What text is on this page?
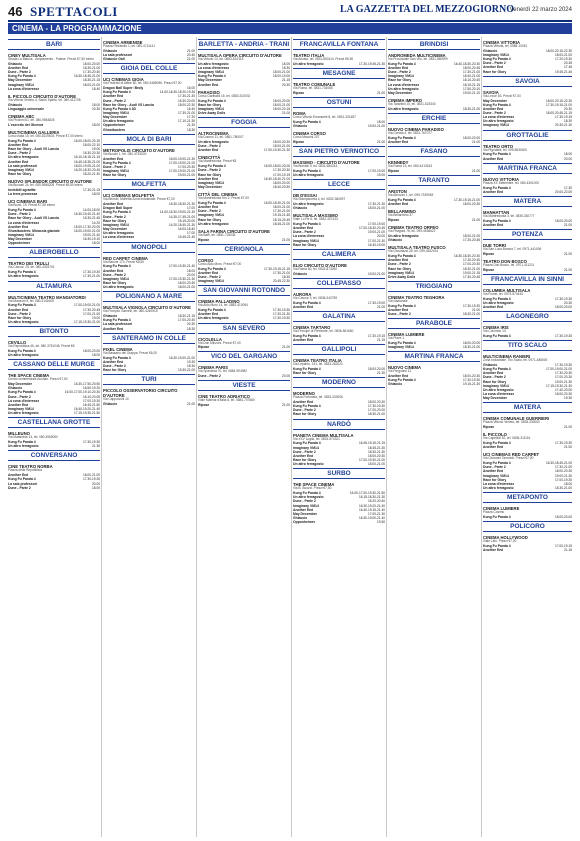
46 SPETTACOLI	LA GAZZETTA DEL MEZZOGIORNO
Venerdì 22 marzo 2024
CINEMA - LA PROGRAMMAZIONE
BARI
CINEY MULTISALA
Strada La Bianca - Ampiamente - Palese. Prezzi €7,50 intero
Ghiaccio	18.00-20.00
Another End	18.30-21.00
Dune - Parte 2	17.30-20.40
Kung Fu Panda 4	16.30-18.45-21.00
May December	18.30-21.15
Imaginary VM14	18.00-21.00
La zona d'interesse	18.40
IL PICCOLO CIRCUITO D'AUTORE
Via Vittorio Veneto 4, Santo Spirito. tel. 080-411708
Ghiaccio	18.00
Linguaggio universale	20.30
CINEMA ABC
Via Piccinni 61, tel. 080-9564826
L'esercito del Ginevra	18.00
MULTICINEMA GALLERIA
Corso Italia 15, tel. 080-5219603. Prezzi €7,00 intero
Kung Fu Panda 4	16.00-18.00-20.15
Another End	18.00-22.10
Race for Glory - Audi VS Lancia	19.00
Dune - Parte 2	16.30-20.30
Un altro ferragosto	16.10-18.15-21.15
Another End	16.45-18.35-21.00
La sala professori	18.00-19.05-21.00
Imaginary VM14	16.20-18.30-20.45
Race for Glory	18.20-21.30
NUOVO SPLENDOR CIRCUITO D'AUTORE
Via Buccari 24, tel. 080-5968209. Prezzi €6,50 intero
Invisibili sgradite	17.30-21.15
La terra promessa	18.00
UCI CINEMAS BARI
Via Bozzi, 19. Prezzi €7,50 intero
Kung Fu Panda 4	14.00-18.00
Dune - Parte 2	16.30-19.40-21.40
Race for Glory - Audi VS Lancia	15.30-21.45
La zona d'interesse	14.20
Another End	15.00-17.30-20.00
Ghostbusters: Minaccia glaciale	16.00-19.00-21.00
Imaginary VM14	19.00-21.40
May December	16.30-19.10
Opponheimer	18.00
ALBEROBELLO
TEATRO DEI TRULLI
Via Cavour, 25, tel. 080-4325701
Kung Fu Panda 4	17.30-19.30
Un altro ferragosto	17.30-21.00
ALTAMURA
MULTICINEMA TEATRO MANGIATORDI
Via Manzoni 5, tel. 080-3141605
Kung Fu Panda 4	17.00-19.00-21.00
Another End	17.30-20.45
Dune - Parte 2	17.00-21.00
Race for Glory	19.00
Un altro ferragosto	17.15-19.30-21.00
BITONTO
CEVILLO
Via Repubblica 46, tel. 080-3751048. Prezzi €6
Kung Fu Panda 4	18.00-20.00
Un altro ferragosto	18.00
CASSANO DELLE MURGE
THE SPACE CINEMA
Centro commerciale Auchan. Prezzi €7,50
May December	16.30-17.50-20.50
Ghiaccio	16.50-19.20
Kung Fu Panda 4	16.00-17.00-19.10-20.30
Dune - Parte 2	16.10-20.05
La zona d'interesse	17.00-19.30
Another End	16.45-21.50
Imaginary VM14	16.40-19.20-21.40
Un altro ferragosto	17.15-19.35-21.50
CASTELLANA GROTTE
MILLEUNO
Via Matarrese 14, tel. 080-4965000
Kung Fu Panda 4	17.30-19.30
Un altro ferragosto	21.30
CONVERSANO
CINE TEATRO NORBA
Piazza della Repubblica
Another End	18.00-21.00
Kung Fu Panda 4	17.30-19.30
La sala professori	20.00
Dune - Parte 2	18.00
CINEMA ARMENISE
Piazza Plebiscito 1, tel. 080-4711141
Ghiaccio	21.00
La sala professori	20.40
Ghiaccio Gall	21.00
GIOIA DEL COLLE
UCI CINEMAS GIOIA
Via Federici di Alfine 80, tel. 080-3485096. Prezzi €7,00
Dragon Ball Super: Broly	16.00
Kung Fu Panda 4	14.00-16.30-18.20-19.30
Another End	17.30-21.30
Dune - Parte 2	16.30-20.00
Race for Glory - Audi VS Lancia	18.00-22.30
Kung Fu Panda 4 3D	16.40
Imaginary VM14	17.30-21.00
May December	17.20
Un altro ferragosto	17.10-21.30
Opponheimer	21.30
Ghostbusters	18.30
MOLA DI BARI
METROPOLIS CIRCUITO D'AUTORE
Via Bucchi 1, tel. 080-4733000
Another End	16.00-19.00-21.30
Kung Fu Panda 4	17.00-19.00-21.00
Dune - Parte 2	17.00-20.30
Imaginary VM14	17.00-19.00-21.00
Race for Glory	19.00-21.00
MOLFETTA
UCI CINEMAS MOLFETTA
Via Bitonto, Molfetta Zona Industriale. Prezzi €7,00
Another End	15.30-18.30-21.30
Dragon Ball Super	17.00
Kung Fu Panda 4	14.00-16.30-19.00-21.30
Dune - Parte 2	14.30-17.45-21.00
Race for Glory	15.15-20.00
Imaginary VM14	14.20-18.40-21.30
May December	16.00-18.40
Un altro ferragosto	17.00
La zona d'interesse	15.45-21.40
MONOPOLI
RED CARPET CINEMA
Via Baione 173. Prezzi €8,50
Kung Fu Panda 4	17.00-19.30-21.40
Another End	18.00
Dune - Parte 2	20.00
Imaginary VM14	17.00-19.30-21.30
Race for Glory	18.00-20.30
Un altro ferragosto	18.00-21.00
POLIGNANO A MARE
MULTISALA VIGNOLA CIRCUITO D'AUTORE
Via Pompeo Sarnelli, tel. 080-4240515
Ghiaccio	18.30-21.15
Kung Fu Panda 4	17.00-20.30
La sala professori	20.30
Another End	18.30
SANTERAMO IN COLLE
PIXEL CINEMA
Via Bassano del Grappa. Prezzi €6,00
Kung Fu Panda 4	16.30-19.00-21.00
Another End	19.30
Dune - Parte 2	18.30
Race for Glory	19.30-21.00
TURI
PICCOLO OSSERVATORIO CIRCUITO D'AUTORE
Via Cappuccini 10
Ghiaccio	21.00
BARLETTA - ANDRIA - TRANI
MULTISALA OPERA CIRCUITO D'AUTORE
Via Vittorio 14, tel. 0883-510315
Un altro ferragosto	18.00
La zona d'interesse	18.30
Imaginary VM14	18.00-21.00
Kung Fu Panda 4	18.00-19.00
May December	21.15
Another End	20.30
PARADISO
Corso Garibaldi 15, tel. 0883-510032
Kung Fu Panda 4	18.00-20.00
Race for Glory	18.00-21.00
Imaginary VM14	18.00-20.15
Drive Away Dolls	21.00
FOGGIA
ALTROCINEMA
Via Duomo 11, tel. 0881-780007
Un altro ferragosto	18.00-20.30
Dune - Parte 2	18.00-21.00
Another End	17.00-19.30-21.30
CINECITTÀ
Via Manfredonia. Prezzi €8
Kung Fu Panda 4	16.00-18.00-20.00
Dune - Parte 2	17.30-20.30
Race for Glory	17.00-19.15
Another End	16.40-18.40-21.00
Imaginary VM14	18.00-20.00
May December	18.40-20.50
CITTÀ DEL CINEMA
Via Manfredonia Km 2. Prezzi €7,00
Kung Fu Panda 4	16.00-18.30-21.00
Another End	18.00-21.00
Dune - Parte 2	17.30-21.00
Imaginary VM14	19.15-21.45
Race for Glory	18.15-20.45
Un altro ferragosto	18.45-21.00
SALA FARINA CIRCUITO D'AUTORE
Via Baffi, tel. 0881-725035
Ripose	21.00
CERIGNOLA
CORSO
Corso Aldo Moro. Prezzi €7,00
Kung Fu Panda 4	17.30-19.15-21.15
Another End	17.30-21.00
Dune - Parte 2	18.30
Imaginary VM14	20.45-22.30
SAN GIOVANNI ROTONDO
CINEMA PALLADINO
Via Aldo Moro 14, tel. 0882-410094
Kung Fu Panda 4	17.30-19.30
Another End	17.30-21.30
Un altro ferragosto	17.30-19.30
SAN SEVERO
CICOLELLA
Via Don Minzoni. Prezzi €7,00
Ripose	21.00
VICO DEL GARGANO
CINEMA PARIS
Via Spaventa 70, tel. 0884-994982
Dune - Parte 2	20.00
VIESTE
CINE TEATRO ADRIATICO
Viale Marinai d'Italia 8, tel. 0884-707680
Ripose	21.00
FRANCAVILLA FONTANA
TEATRO ITALIA
Via Ariosto, tel. 0831-853114. Prezzi €6,50
Un altro ferragosto	17.30-19.45-21.30
MESAGNE
TEATRO COMUNALE
Via Roma, tel. 0831-734065
Ripose	21.00
OSTUNI
ROMA
Corso Vittorio Emanuele 8, tel. 0831-331487
Kung Fu Panda 4	18.00
Ghiaccio	19.00-21.00
CINEMA CORSO
Corso Mazzini 207
Ripose	21.00
SAN PIETRO VERNOTICO
MASSIMO - CIRCUITO D'AUTORE
Via Brindisi 9, tel. 0831-654314
Kung Fu Panda 4	17.00-19.00
Un altro ferragosto	19.00
LECCE
DB D'ESSAI
Via Stampacchia 4, tel. 0832-360097
Un altro ferragosto	17.30-21.30
Ghiaccio	18.00-21.00
MULTISALA MASSIMO
Viale Lo Re 6, tel. 0832-307433
Kung Fu Panda 4	17.00-19.00
Another End	17.00-18.30-20.45
Dune - Parte 2	19.00-21.00
La zona d'interesse	20.00
Imaginary VM14	17.00-21.30
Race for Glory	16.30-19.00
CALIMERA
ELIO CIRCUITO D'AUTORE
Via Roma 50, tel. 0832-873250
Ghiaccio	19.00-21.00
COLLEPASSO
AURORA
Via Cavour 3, tel. 0836-342759
Kung Fu Panda 4	17.30-19.00
Another End	21.00
GALATINA
CINEMA TARTARO
Via Principe di Piemonte, tel. 0836-561660
Kung Fu Panda 4	17.30-19.15
Another End	21.15
GALLIPOLI
CINEMA TEATRO ITALIA
Via Lepanto, 141, tel. 0833-262021
Kung Fu Panda 4	18.00-20.00
Race for Glory	21.30
MODERNO
MODERNO
Piazza Fortunato, tel. 0833-333006
Another End	18.00-20.30
Kung Fu Panda 4	17.30-19.30
Dune - Parte 2	17.00-20.00
Race for Glory	18.30-21.00
NARDÒ
PIANETA CINEMA MULTISALA
Via XXV Luglio, tel. 0833-574321
Kung Fu Panda 4	16.45-19.15-21.15
Imaginary VM14	18.45-21.30
Dune - Parte 2	18.30-21.30
Another End	18.00-20.30
Race for Glory	17.00-19.30-21.00
Un altro ferragosto	18.00-21.00
SURBO
THE SPACE CINEMA
Via B. Buozzi. Prezzi €7,50
Kung Fu Panda 4	16.00-17.00-19.30-21.50
Un altro ferragosto	16.15-18.30-21.30
Dune - Parte 2	16.20-20.40
Imaginary VM14	16.30-19.20-21.40
Another End	16.40-19.15-21.40
May December	17.00-21.30
Ghiaccio	16.30-19.00-21.40
Opponheimer	19.50
BRINDISI
ANDROMEDA MULTICINEMA
Via Provinciale San Vito, tel. 0831-560999
Kung Fu Panda 4	16.40-18.30-20.30
Another End	18.00-20.45
Dune - Parte 2	17.30-21.00
Imaginary VM14	18.40-21.00
Race for Glory	18.10-20.40
La zona d'interesse	18.15-21.15
Un altro ferragosto	17.50-20.10
May December	19.00-21.10
CINEMA IMPERO
Via Tarantini 10, tel. 0831-523340
Un altro ferragosto	18.30-21.00
ERCHIE
NUOVO CINEMA PARADISO
Via Gorizia 4, tel. 0831-767077
Kung Fu Panda 4	18.00-20.00
Another End	21.00
FASANO
KENNEDY
Via Roma 15, tel. 080-4413163
Ripose	21.00
TARANTO
ARISTON
Via Abruzzo 1, tel. 099-7339063
Kung Fu Panda 4	17.30-19.15-21.00
Another End	18.00-20.30
BELLARMINO
Via Bellarmino 37
Ripose	21.00
CINEMA TEATRO ORFEO
Via Pitagora 78, tel. 099-4536622
Un altro ferragosto	18.00-21.00
Ghiaccio	17.30-20.45
MULTISALA TEATRO FUSCO
Via Giovinazzi 28, tel. 099-4532041
Kung Fu Panda 4	16.30-18.30-20.30
Another End	17.30-20.40
Dune - Parte 2	17.00-20.30
Race for Glory	18.30-21.00
Imaginary VM14	19.00-21.15
Drive Away Dolls	17.30-20.45
TRIGGIANO
CINEMA TEATRO TEGHORA
Via Nazionale
Kung Fu Panda 4	17.30-19.30
Another End	21.00
Dune - Parte 2	18.30-21.00
PARABOLE
CINEMA LUMIERE
Via Piave 1
Kung Fu Panda 4	18.00-20.00
Imaginary VM14	18.30-21.00
MARTINA FRANCA
NUOVO CINEMA
Via Pergolesi 12
Another End	18.00-20.30
Kung Fu Panda 4	17.30-19.30
Ghiaccio	19.15-21.30
CINEMA VITTORIA
Piazza Vittoria, tel. 0985-10051
Ghiaccio	18.00-20.15-22.30
Imaginary VM14	18.00-21.00
Kung Fu Panda 4	17.20-19.30
Dune - Parte 2	20.45
Another End	17.45
Race for Glory	19.45-21.40
SAVOIA
SAVOIA
Via Lecce 63. Prezzi €7,00
May December	18.00-20.15-22.30
Kung Fu Panda 4	17.30-19.15-21.00
Another End	20.30
Dune - Parte 2	18.00-20.45-21.15
La zona d'interesse	17.30-19.15
Un altro ferragosto	18.30
Imaginary VM14	20.30-21.30
GROTTAGLIE
TEATRO ORTO
Via Pignatelli, tel. 099-5630400
Kung Fu Panda 4	18.00
Another End	20.00
MARTINA FRANCA
NUOVO VITTORIA
Piazza XX Settembre, tel. 080-4301000
Kung Fu Panda 4	17.30
Another End	20.00-22.00
MATERA
MANHATTAN
Via Manfredonia 3, tel. 0835-330777
Kung Fu Panda 4	18.00-20.00
Another End	21.00
POTENZA
DUE TORRI
Via San Luca Branca 7, tel. 0971-441006
Ripose	21.00
TEATRO DON BOSCO
Piazza Don Bosco, tel. 0971-411211
Ripose	21.00
FRANCAVILLA IN SINNI
COLUMBIA MULTISALA
Via Fiume, tel. 0973-574444
Kung Fu Panda 4	17.30-19.30
Un altro ferragosto	20.30
Another End	18.00-20.00
LAGONEGRO
CINEMA IRIS
Via Colombo 14
Kung Fu Panda 4	17.30-19.30
TITO SCALO
MULTICINEMA RANIERI
Zona Industriale, Tito Scalo, tel. 0971-485000
Ghiaccio	17.30-19.30
Kung Fu Panda 4	17.00-19.00-21.00
Another End	17.30-20.30
Dune - Parte 2	17.00-20.30
Race for Glory	19.00-21.30
Imaginary VM14	17.15-19.30-21.30
Un altro ferragosto	17.40-20.00
La zona d'interesse	18.00-20.30
May December	19.30
MATERA
CINEMA COMUNALE GUERRIERI
Piazza Vittorio Veneto, tel. 0835-330000
Ripose	21.00
IL PICCOLO
Via Capelluti 52, tel. 0835-311116
Kung Fu Panda 4	17.30-19.30
Another End	21.00
UCI CINEMAS RED CARPET
Via Giovanni Tancredi. Prezzi €7,00
Kung Fu Panda 4	16.30-18.45-21.00
Dune - Parte 2	17.30-21.00
Another End	18.00-20.30
Imaginary VM14	19.00-21.30
Race for Glory	17.00-19.30
La zona d'interesse	18.00
Un altro ferragosto	18.30-21.00
METAPONTO
CINEMA LUMIERE
Piazza Cosimo
Kung Fu Panda 4	18.00-20.00
POLICORO
CINEMA HOLLYWOOD
Viale Lido. Prezzi €7,00
Kung Fu Panda 4	17.00-19.15
Another End	21.15
